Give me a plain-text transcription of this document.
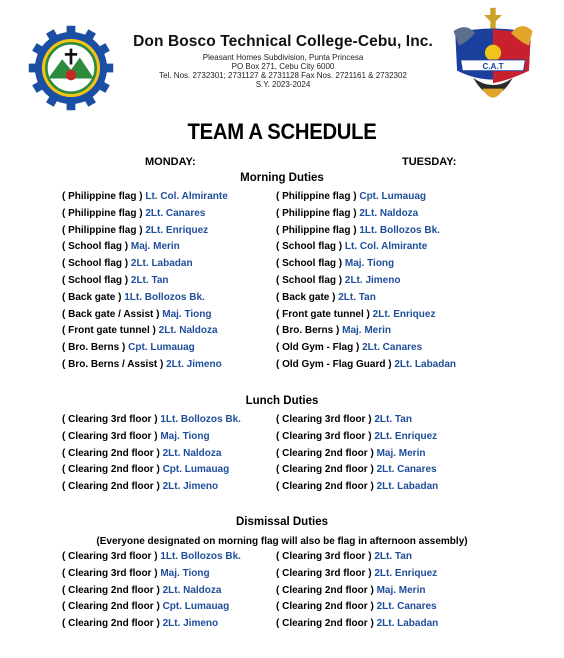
Don Bosco Technical College-Cebu, Inc.
Pleasant Homes Subdivision, Punta Princesa
PO Box 271, Cebu City 6000
Tel. Nos. 2732301; 2731127 & 2731128 Fax Nos. 2721161 & 2732302
S.Y. 2023-2024
C.A.T
TEAM A SCHEDULE
MONDAY:	TUESDAY:
Morning Duties
( Philippine flag ) Lt. Col. Almirante
( Philippine flag ) 2Lt. Canares
( Philippine flag ) 2Lt. Enriquez
( School flag ) Maj. Merin
( School flag ) 2Lt. Labadan
( School flag ) 2Lt. Tan
( Back gate ) 1Lt. Bollozos Bk.
( Back gate / Assist ) Maj. Tiong
( Front gate tunnel ) 2Lt. Naldoza
( Bro. Berns ) Cpt. Lumauag
( Bro. Berns / Assist ) 2Lt. Jimeno
( Philippine flag ) Cpt. Lumauag
( Philippine flag ) 2Lt. Naldoza
( Philippine flag ) 1Lt. Bollozos Bk.
( School flag ) Lt. Col. Almirante
( School flag ) Maj. Tiong
( School flag ) 2Lt. Jimeno
( Back gate ) 2Lt. Tan
( Front gate tunnel ) 2Lt. Enriquez
( Bro. Berns ) Maj. Merin
( Old Gym - Flag ) 2Lt. Canares
( Old Gym - Flag Guard ) 2Lt. Labadan
Lunch Duties
( Clearing 3rd floor ) 1Lt. Bollozos Bk.
( Clearing 3rd floor ) Maj. Tiong
( Clearing 2nd floor ) 2Lt. Naldoza
( Clearing 2nd floor ) Cpt. Lumauag
( Clearing 2nd floor ) 2Lt. Jimeno
( Clearing 3rd floor ) 2Lt. Tan
( Clearing 3rd floor ) 2Lt. Enriquez
( Clearing 2nd floor ) Maj. Merin
( Clearing 2nd floor ) 2Lt. Canares
( Clearing 2nd floor ) 2Lt. Labadan
Dismissal Duties
(Everyone designated on morning flag will also be flag in afternoon assembly)
( Clearing 3rd floor ) 1Lt. Bollozos Bk.
( Clearing 3rd floor ) Maj. Tiong
( Clearing 2nd floor ) 2Lt. Naldoza
( Clearing 2nd floor ) Cpt. Lumauag
( Clearing 2nd floor ) 2Lt. Jimeno
( Clearing 3rd floor ) 2Lt. Tan
( Clearing 3rd floor ) 2Lt. Enriquez
( Clearing 2nd floor ) Maj. Merin
( Clearing 2nd floor ) 2Lt. Canares
( Clearing 2nd floor ) 2Lt. Labadan
